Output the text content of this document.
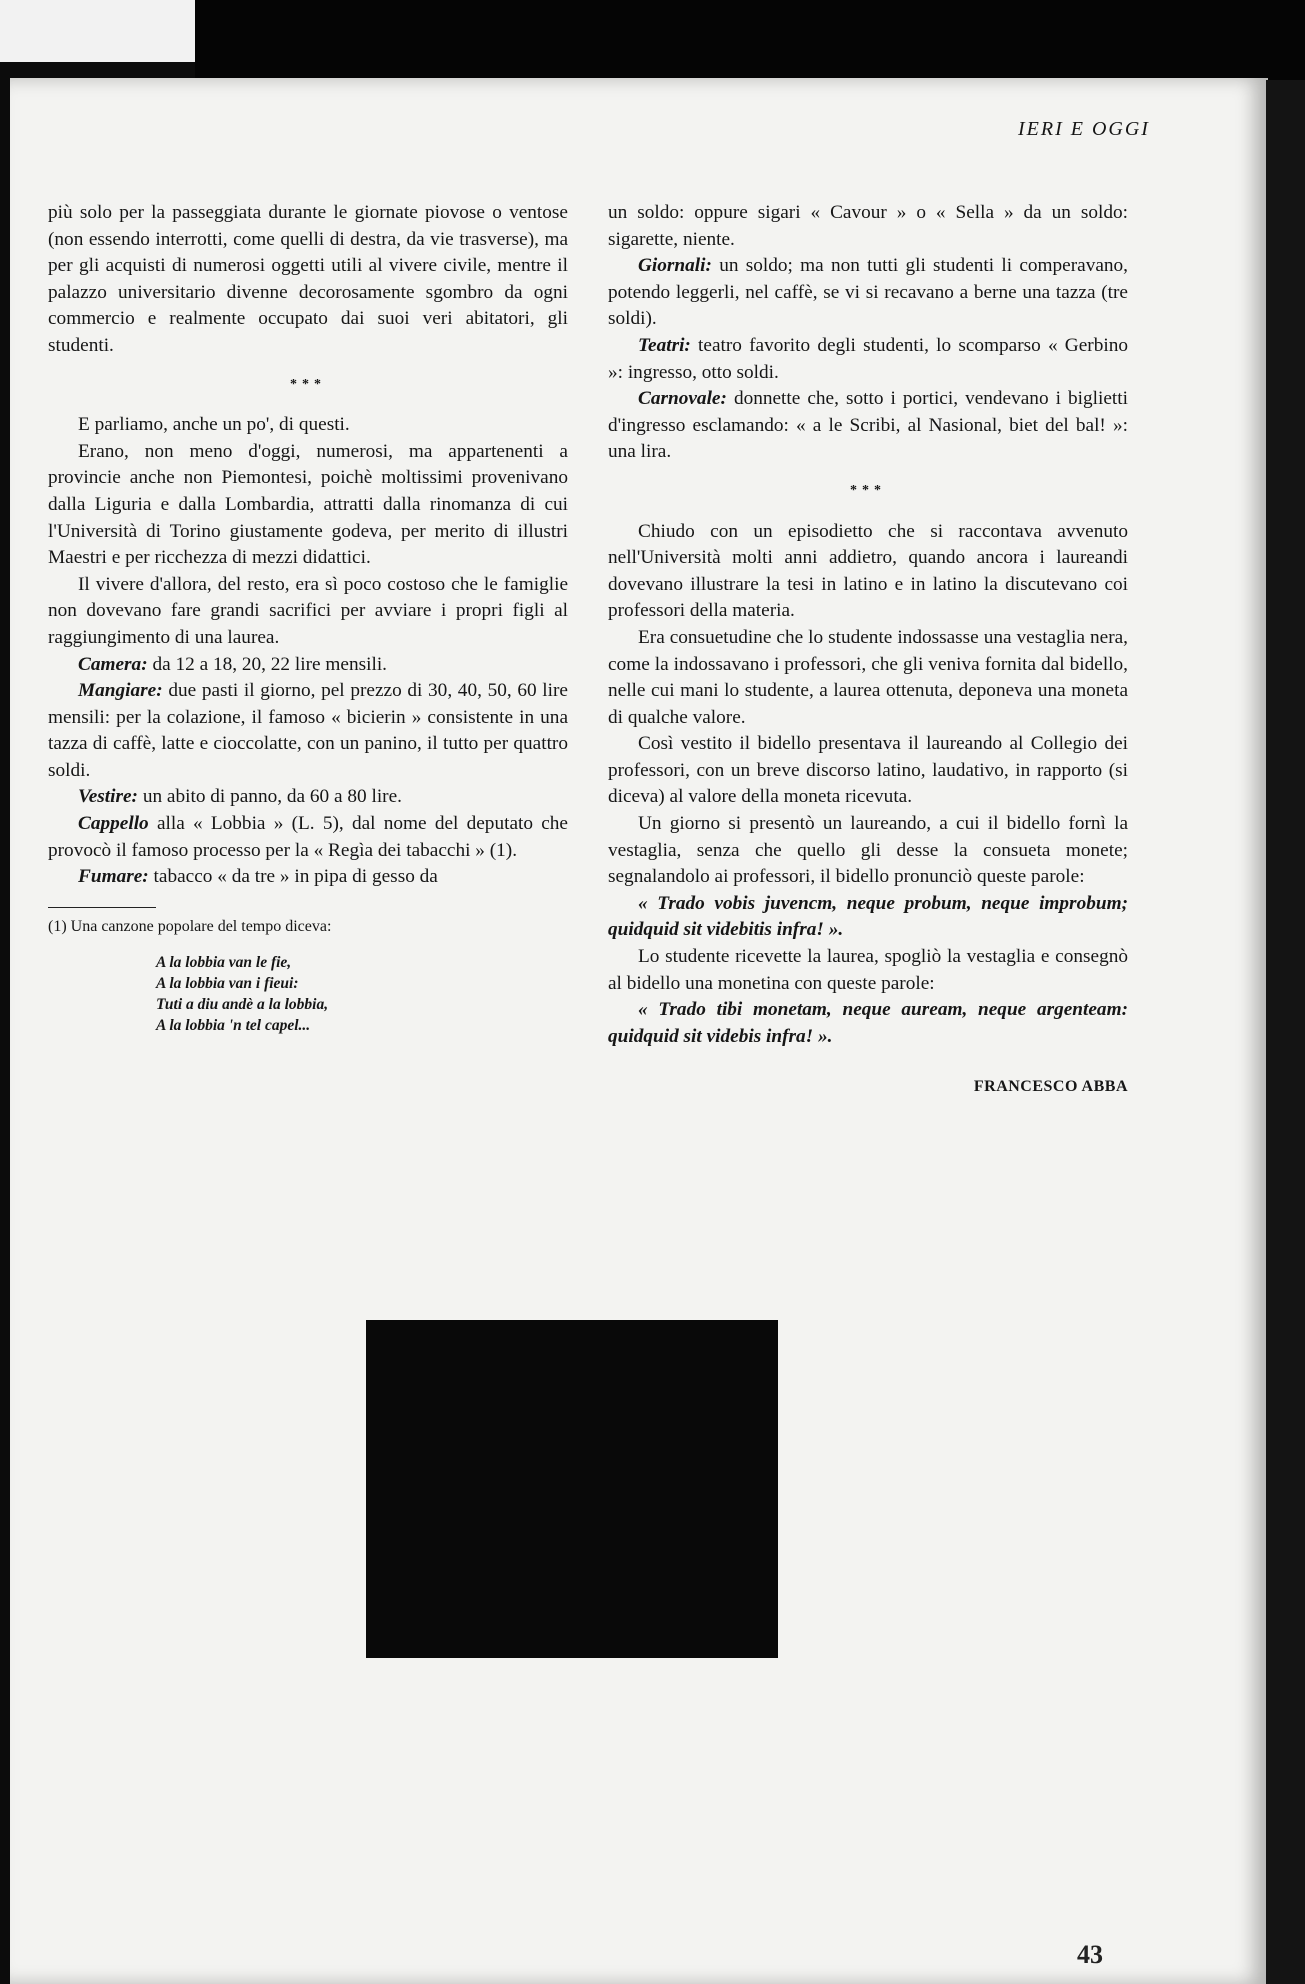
IERI E OGGI

più solo per la passeggiata durante le giornate piovose o ventose (non essendo interrotti, come quelli di destra, da vie trasverse), ma per gli acquisti di numerosi oggetti utili al vivere civile, mentre il palazzo universitario divenne decorosamente sgombro da ogni commercio e realmente occupato dai suoi veri abitatori, gli studenti.

***

E parliamo, anche un po', di questi.

Erano, non meno d'oggi, numerosi, ma appartenenti a provincie anche non Piemontesi, poichè moltissimi provenivano dalla Liguria e dalla Lombardia, attratti dalla rinomanza di cui l'Università di Torino giustamente godeva, per merito di illustri Maestri e per ricchezza di mezzi didattici.

Il vivere d'allora, del resto, era sì poco costoso che le famiglie non dovevano fare grandi sacrifici per avviare i propri figli al raggiungimento di una laurea.

Camera: da 12 a 18, 20, 22 lire mensili.

Mangiare: due pasti il giorno, pel prezzo di 30, 40, 50, 60 lire mensili: per la colazione, il famoso « bicierin » consistente in una tazza di caffè, latte e cioccolatte, con un panino, il tutto per quattro soldi.

Vestire: un abito di panno, da 60 a 80 lire.

Cappello alla « Lobbia » (L. 5), dal nome del deputato che provocò il famoso processo per la « Regìa dei tabacchi » (1).

Fumare: tabacco « da tre » in pipa di gesso da

(1) Una canzone popolare del tempo diceva:

A la lobbia van le fie,
A la lobbia van i fieui:
Tuti a diu andè a la lobbia,
A la lobbia 'n tel capel...

un soldo: oppure sigari « Cavour » o « Sella » da un soldo: sigarette, niente.

Giornali: un soldo; ma non tutti gli studenti li comperavano, potendo leggerli, nel caffè, se vi si recavano a berne una tazza (tre soldi).

Teatri: teatro favorito degli studenti, lo scomparso « Gerbino »: ingresso, otto soldi.

Carnovale: donnette che, sotto i portici, vendevano i biglietti d'ingresso esclamando: « a le Scribi, al Nasional, biet del bal! »: una lira.

***

Chiudo con un episodietto che si raccontava avvenuto nell'Università molti anni addietro, quando ancora i laureandi dovevano illustrare la tesi in latino e in latino la discutevano coi professori della materia.

Era consuetudine che lo studente indossasse una vestaglia nera, come la indossavano i professori, che gli veniva fornita dal bidello, nelle cui mani lo studente, a laurea ottenuta, deponeva una moneta di qualche valore.

Così vestito il bidello presentava il laureando al Collegio dei professori, con un breve discorso latino, laudativo, in rapporto (si diceva) al valore della moneta ricevuta.

Un giorno si presentò un laureando, a cui il bidello fornì la vestaglia, senza che quello gli desse la consueta monete; segnalandolo ai professori, il bidello pronunciò queste parole:

« Trado vobis juvencm, neque probum, neque improbum; quidquid sit videbitis infra! ».

Lo studente ricevette la laurea, spogliò la vestaglia e consegnò al bidello una monetina con queste parole:

« Trado tibi monetam, neque auream, neque argenteam: quidquid sit videbis infra! ».

FRANCESCO ABBA
43
